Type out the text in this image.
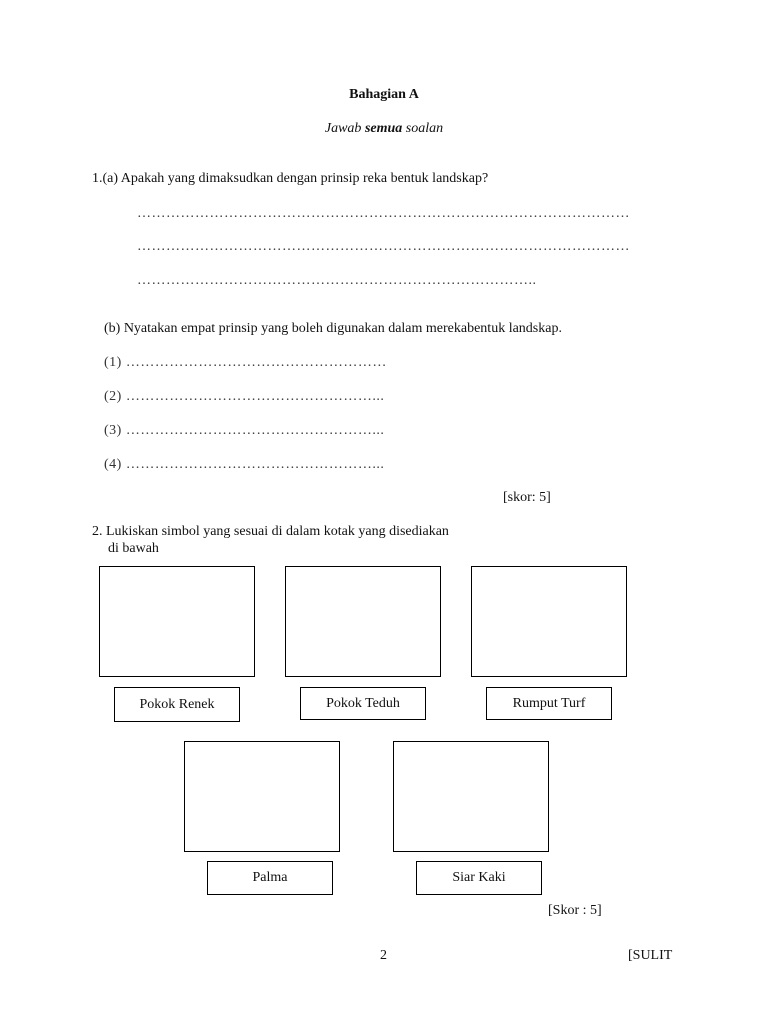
Bahagian A
Jawab semua soalan
1.(a) Apakah yang dimaksudkan dengan prinsip reka bentuk landskap?
…………………………………………………………………………………………
…………………………………………………………………………………………
………………………………………………………………………..
(b) Nyatakan empat prinsip yang boleh digunakan dalam merekabentuk landskap.
(1) ………………………………………………
(2) ……………………………………………...
(3) ……………………………………………...
(4) ……………………………………………...
[skor: 5]
2. Lukiskan simbol yang sesuai di dalam kotak yang disediakan
di bawah
Pokok Renek	Pokok Teduh	Rumput Turf
Palma	Siar Kaki
[Skor : 5]
2	[SULIT
